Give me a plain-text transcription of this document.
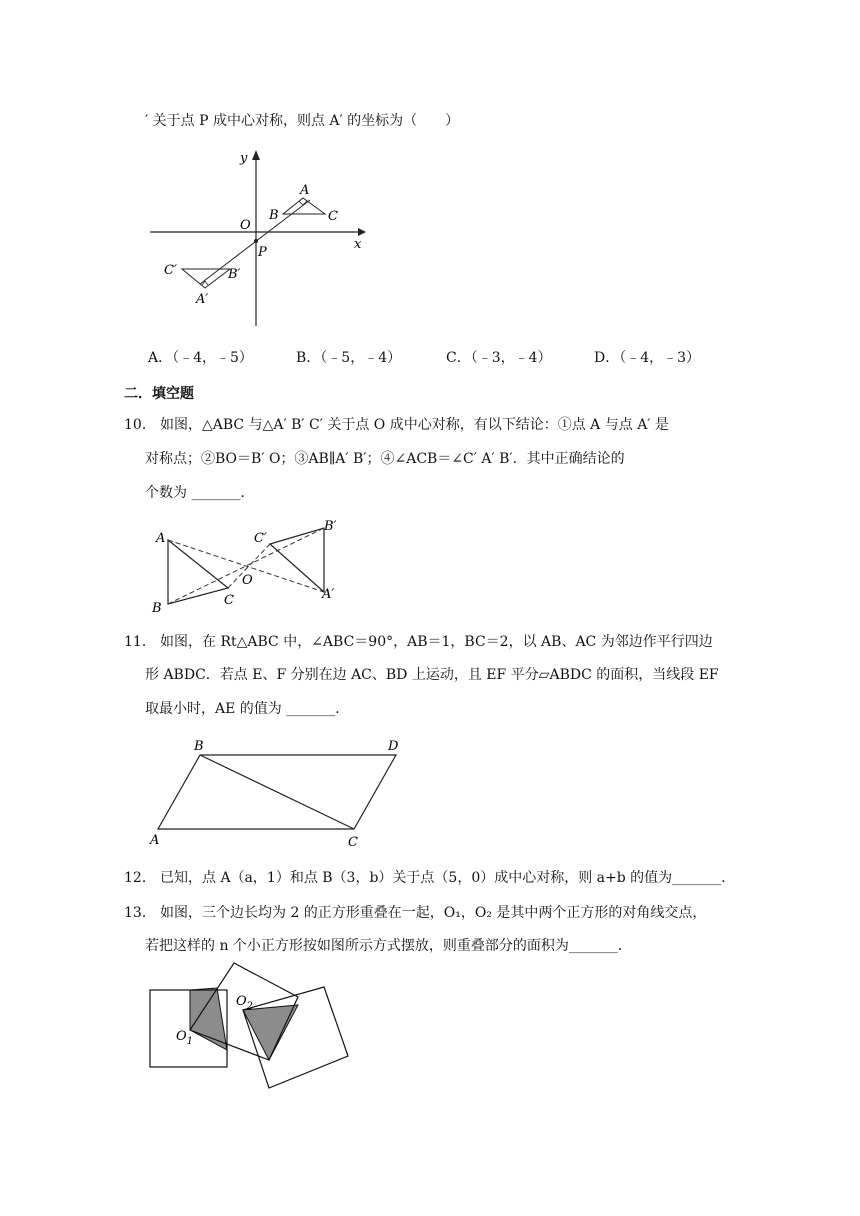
′ 关于点 P 成中心对称，则点 A′ 的坐标为（　　）
y
x
O
P
A
B	C
A′
B′
C′
A．（﹣4，﹣5）	B．（﹣5，﹣4）	C．（﹣3，﹣4）	D．（﹣4，﹣3）
二．填空题
10． 如图，△ABC 与△A′ B′ C′ 关于点 O 成中心对称，有以下结论：①点 A 与点 A′ 是
对称点；②BO＝B′ O；③AB∥A′ B′；④∠ACB＝∠C′ A′ B′．其中正确结论的
个数为 _______．
A
B
C
O
A′
B′
C′
11． 如图，在 Rt△ABC 中，∠ABC＝90°，AB＝1，BC＝2，以 AB、AC 为邻边作平行四边
形 ABDC．若点 E、F 分别在边 AC、BD 上运动，且 EF 平分▱ABDC 的面积，当线段 EF
取最小时，AE 的值为 _______．
A
B
C
D
12． 已知，点 A（a，1）和点 B（3，b）关于点（5，0）成中心对称，则 a+b 的值为_______．
13． 如图，三个边长均为 2 的正方形重叠在一起，O₁，O₂ 是其中两个正方形的对角线交点，
若把这样的 n 个小正方形按如图所示方式摆放，则重叠部分的面积为_______．
$O_1$
$O_2$
